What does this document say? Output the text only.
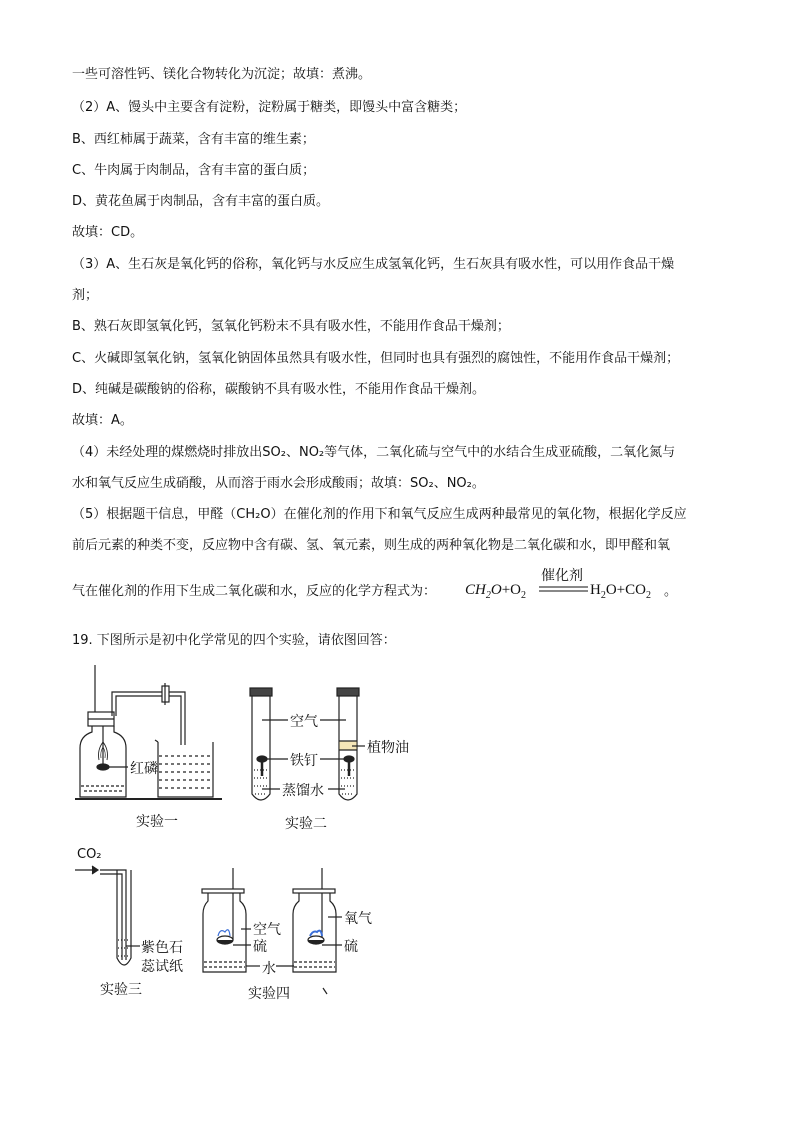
一些可溶性钙、镁化合物转化为沉淀；故填：煮沸。
（2）A、馒头中主要含有淀粉，淀粉属于糖类，即馒头中富含糖类；
B、西红柿属于蔬菜，含有丰富的维生素；
C、牛肉属于肉制品，含有丰富的蛋白质；
D、黄花鱼属于肉制品，含有丰富的蛋白质。
故填：CD。
（3）A、生石灰是氧化钙的俗称，氧化钙与水反应生成氢氧化钙，生石灰具有吸水性，可以用作食品干燥
剂；
B、熟石灰即氢氧化钙，氢氧化钙粉末不具有吸水性，不能用作食品干燥剂；
C、火碱即氢氧化钠，氢氧化钠固体虽然具有吸水性，但同时也具有强烈的腐蚀性，不能用作食品干燥剂；
D、纯碱是碳酸钠的俗称，碳酸钠不具有吸水性，不能用作食品干燥剂。
故填：A。
（4）未经处理的煤燃烧时排放出SO₂、NO₂等气体，二氧化硫与空气中的水结合生成亚硫酸，二氧化氮与
水和氧气反应生成硝酸，从而溶于雨水会形成酸雨；故填：SO₂、NO₂。
（5）根据题干信息，甲醛（CH₂O）在催化剂的作用下和氧气反应生成两种最常见的氧化物，根据化学反应
前后元素的种类不变，反应物中含有碳、氢、氧元素，则生成的两种氧化物是二氧化碳和水，即甲醛和氧
气在催化剂的作用下生成二氧化碳和水，反应的化学方程式为： $CH_2O+O_2$
催化剂
$H_2O+CO_2$ 。
19. 下图所示是初中化学常见的四个实验，请依图回答：
红磷
实验一
空气
植物油
铁钉
蒸馏水
实验二
CO₂
紫色石
蕊试纸
实验三
空气
硫
氧气
硫
水
实验四
